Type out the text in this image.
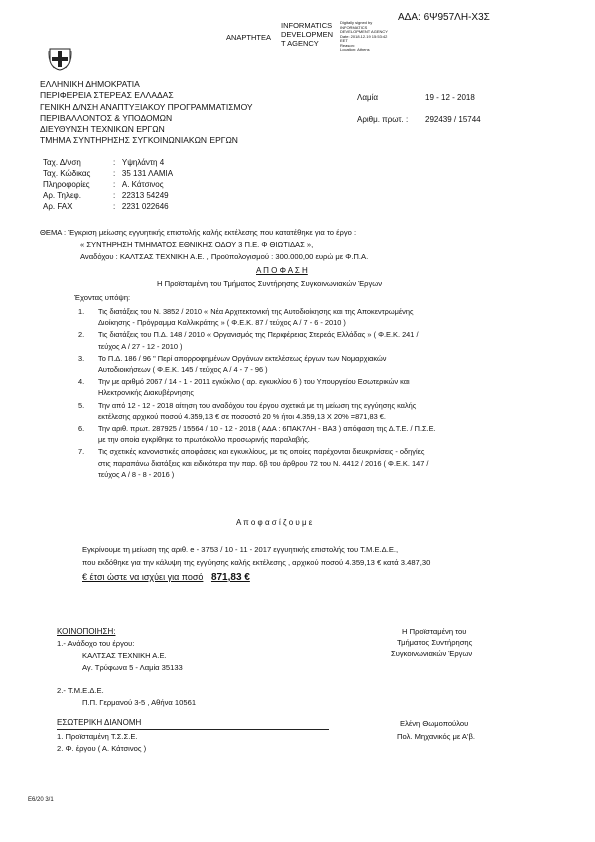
ΑΔΑ: 6Ψ957ΛΗ-Χ3Σ
ΑΝΑΡΤΗΤΕΑ
INFORMATICS
DEVELOPMEN
T AGENCY
Digitally signed by
INFORMATICS
DEVELOPMENT AGENCY
Date: 2018.12.19 15:53:42
EET
Reason:
Location: Athens
ΕΛΛΗΝΙΚΗ ΔΗΜΟΚΡΑΤΙΑ
ΠΕΡΙΦΕΡΕΙΑ ΣΤΕΡΕΑΣ ΕΛΛΑΔΑΣ
ΓΕΝΙΚΗ Δ/ΝΣΗ ΑΝΑΠΤΥΞΙΑΚΟΥ ΠΡΟΓΡΑΜΜΑΤΙΣΜΟΥ
ΠΕΡΙΒΑΛΛΟΝΤΟΣ & ΥΠΟΔΟΜΩΝ
ΔΙΕΥΘΥΝΣΗ ΤΕΧΝΙΚΩΝ ΕΡΓΩΝ
ΤΜΗΜΑ ΣΥΝΤΗΡΗΣΗΣ ΣΥΓΚΟΙΝΩΝΙΑΚΩΝ ΕΡΓΩΝ
Λαμία	19 - 12 - 2018
Αριθμ. πρωτ. : 292439 / 15744
Ταχ. Δ/νση	:   Υψηλάντη 4
Ταχ. Κώδικας	:   35 131 ΛΑΜΙΑ
Πληροφορίες	:   Α. Κάτσινος
Αρ. Τηλεφ.	:   22313 54249
Αρ. FAX	:   2231 022646
ΘΕΜΑ : Έγκριση μείωσης εγγυητικής επιστολής καλής εκτέλεσης που κατατέθηκε για το έργο :
« ΣΥΝΤΗΡΗΣΗ ΤΜΗΜΑΤΟΣ ΕΘΝΙΚΗΣ ΟΔΟΥ 3 Π.Ε. Φ ΘΙΩΤΙΔΑΣ »,
Αναδόχου : ΚΑΛΤΣΑΣ ΤΕΧΝΙΚΗ Α.Ε. , Προϋπολογισμού : 300.000,00 ευρώ με Φ.Π.Α.
Α Π Ο Φ Α Σ Η
Η Προϊσταμένη του Τμήματος Συντήρησης Συγκοινωνιακών Έργων
Έχοντας υπόψη:
1.	Τις διατάξεις του Ν. 3852 / 2010 « Νέα Αρχιτεκτονική της Αυτοδιοίκησης και της Αποκεντρωμένης
Διοίκησης - Πρόγραμμα Καλλικράτης » ( Φ.Ε.Κ. 87 / τεύχος Α / 7 - 6 - 2010 )
2.	Τις διατάξεις του Π.Δ. 148 / 2010 « Οργανισμός της Περιφέρειας Στερεάς Ελλάδας » ( Φ.Ε.Κ. 241 /
τεύχος Α / 27 - 12 - 2010 )
3.	Το Π.Δ. 186 / 96 " Περί απορροφημένων Οργάνων εκτελέσεως έργων των Νομαρχιακών
Αυτοδιοικήσεων ( Φ.Ε.Κ. 145 / τεύχος Α / 4 - 7 - 96 )
4.	Την με αριθμό 2067 / 14 - 1 - 2011 εγκύκλιο ( αρ. εγκυκλίου 6 ) του Υπουργείου Εσωτερικών και
Ηλεκτρονικής Διακυβέρνησης
5.	Την από 12 - 12 - 2018 αίτηση του αναδόχου του έργου σχετικά με τη μείωση της εγγύησης καλής
εκτέλεσης αρχικού ποσού 4.359,13 € σε ποσοστό 20 % ήτοι 4.359,13 Χ 20% =871,83 €.
6.	Την αριθ. πρωτ. 287925 / 15564 / 10 - 12 - 2018 ( ΑΔΑ : 6ΠΑΚ7ΛΗ - ΒΑ3 ) απόφαση της Δ.Τ.Ε. / Π.Σ.Ε.
με την οποία εγκρίθηκε το πρωτόκολλο προσωρινής παραλαβής.
7.	Τις σχετικές κανονιστικές αποφάσεις και εγκυκλίους, με τις οποίες παρέχονται διευκρινίσεις - οδηγίες
στις παραπάνω διατάξεις και ειδικότερα την παρ. 6β του άρθρου 72 του Ν. 4412 / 2016 ( Φ.Ε.Κ. 147 /
τεύχος Α / 8 - 8 - 2016 )
Α π ο φ α σ ί ζ ο υ μ ε
Εγκρίνουμε τη μείωση της αριθ. e - 3753 / 10 - 11 - 2017 εγγυητικής επιστολής του Τ.Μ.Ε.Δ.Ε.,
που εκδόθηκε για την κάλυψη της εγγύησης καλής εκτέλεσης , αρχικού ποσού 4.359,13 € κατά 3.487,30
€ έτσι ώστε να ισχύει για ποσό 871,83 €
ΚΟΙΝΟΠΟΙΗΣΗ:
1.- Ανάδοχο του έργου:
ΚΑΛΤΣΑΣ ΤΕΧΝΙΚΗ Α.Ε.
Αγ. Τρύφωνα 5 - Λαμία 35133
2.- Τ.Μ.Ε.Δ.Ε.
Π.Π. Γερμανού 3-5 , Αθήνα 10561
Η Προϊσταμένη του
Τμήματος Συντήρησης
Συγκοινωνιακών Έργων
Ελένη Θωμοπούλου
Πολ. Μηχανικός με Α'β.
ΕΣΩΤΕΡΙΚΗ ΔΙΑΝΟΜΗ
1. Προϊσταμένη Τ.Σ.Σ.Ε.
2. Φ. έργου ( Α. Κάτσινος )
Ε6/20 3/1
